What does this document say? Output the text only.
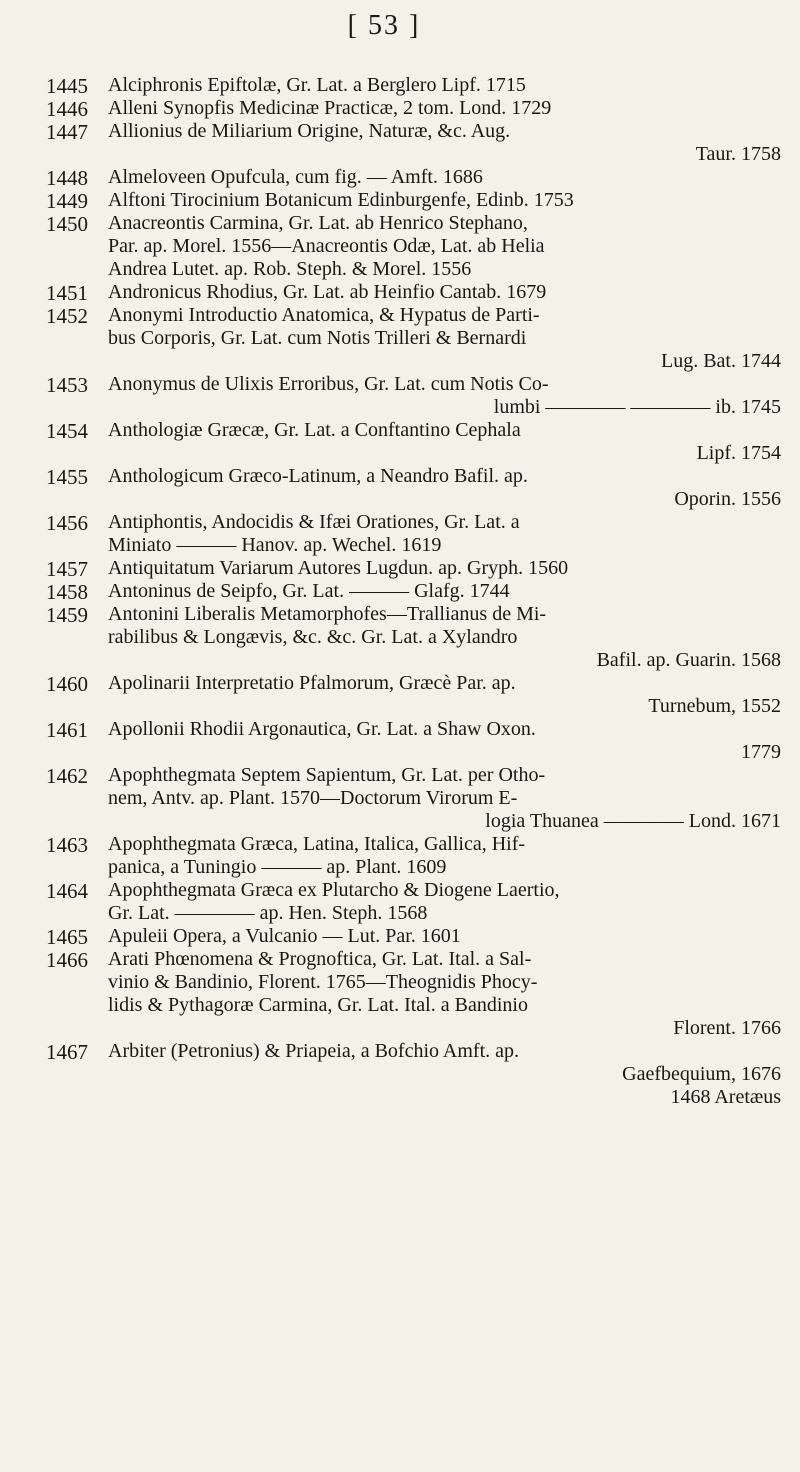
[ 53 ]
1445 Alciphronis Epiftolæ, Gr. Lat. a Berglero Lipf. 1715
1446 Alleni Synopfis Medicinæ Practicæ, 2 tom. Lond. 1729
1447 Allionius de Miliarium Origine, Naturæ, &c. Aug.
Taur. 1758
1448 Almeloveen Opufcula, cum fig. — Amft. 1686
1449 Alftoni Tirocinium Botanicum Edinburgenfe, Edinb. 1753
1450 Anacreontis Carmina, Gr. Lat. ab Henrico Stephano,
Par. ap. Morel. 1556—Anacreontis Odæ, Lat. ab Helia
Andrea Lutet. ap. Rob. Steph. & Morel. 1556
1451 Andronicus Rhodius, Gr. Lat. ab Heinfio Cantab. 1679
1452 Anonymi Introductio Anatomica, & Hypatus de Parti-
bus Corporis, Gr. Lat. cum Notis Trilleri & Bernardi
Lug. Bat. 1744
1453 Anonymus de Ulixis Erroribus, Gr. Lat. cum Notis Co-
lumbi ———— ———— ib. 1745
1454 Anthologiæ Græcæ, Gr. Lat. a Conftantino Cephala
Lipf. 1754
1455 Anthologicum Græco-Latinum, a Neandro Bafil. ap.
Oporin. 1556
1456 Antiphontis, Andocidis & Ifæi Orationes, Gr. Lat. a
Miniato ——— Hanov. ap. Wechel. 1619
1457 Antiquitatum Variarum Autores Lugdun. ap. Gryph. 1560
1458 Antoninus de Seipfo, Gr. Lat. ——— Glafg. 1744
1459 Antonini Liberalis Metamorphofes—Trallianus de Mi-
rabilibus & Longævis, &c. &c. Gr. Lat. a Xylandro
Bafil. ap. Guarin. 1568
1460 Apolinarii Interpretatio Pfalmorum, Græcè Par. ap.
Turnebum, 1552
1461 Apollonii Rhodii Argonautica, Gr. Lat. a Shaw Oxon.
1779
1462 Apophthegmata Septem Sapientum, Gr. Lat. per Otho-
nem, Antv. ap. Plant. 1570—Doctorum Virorum E-
logia Thuanea ———— Lond. 1671
1463 Apophthegmata Græca, Latina, Italica, Gallica, Hif-
panica, a Tuningio ——— ap. Plant. 1609
1464 Apophthegmata Græca ex Plutarcho & Diogene Laertio,
Gr. Lat. ———— ap. Hen. Steph. 1568
1465 Apuleii Opera, a Vulcanio — Lut. Par. 1601
1466 Arati Phœnomena & Prognoftica, Gr. Lat. Ital. a Sal-
vinio & Bandinio, Florent. 1765—Theognidis Phocy-
lidis & Pythagoræ Carmina, Gr. Lat. Ital. a Bandinio
Florent. 1766
1467 Arbiter (Petronius) & Priapeia, a Bofchio Amft. ap.
Gaefbequium, 1676
1468 Aretæus
